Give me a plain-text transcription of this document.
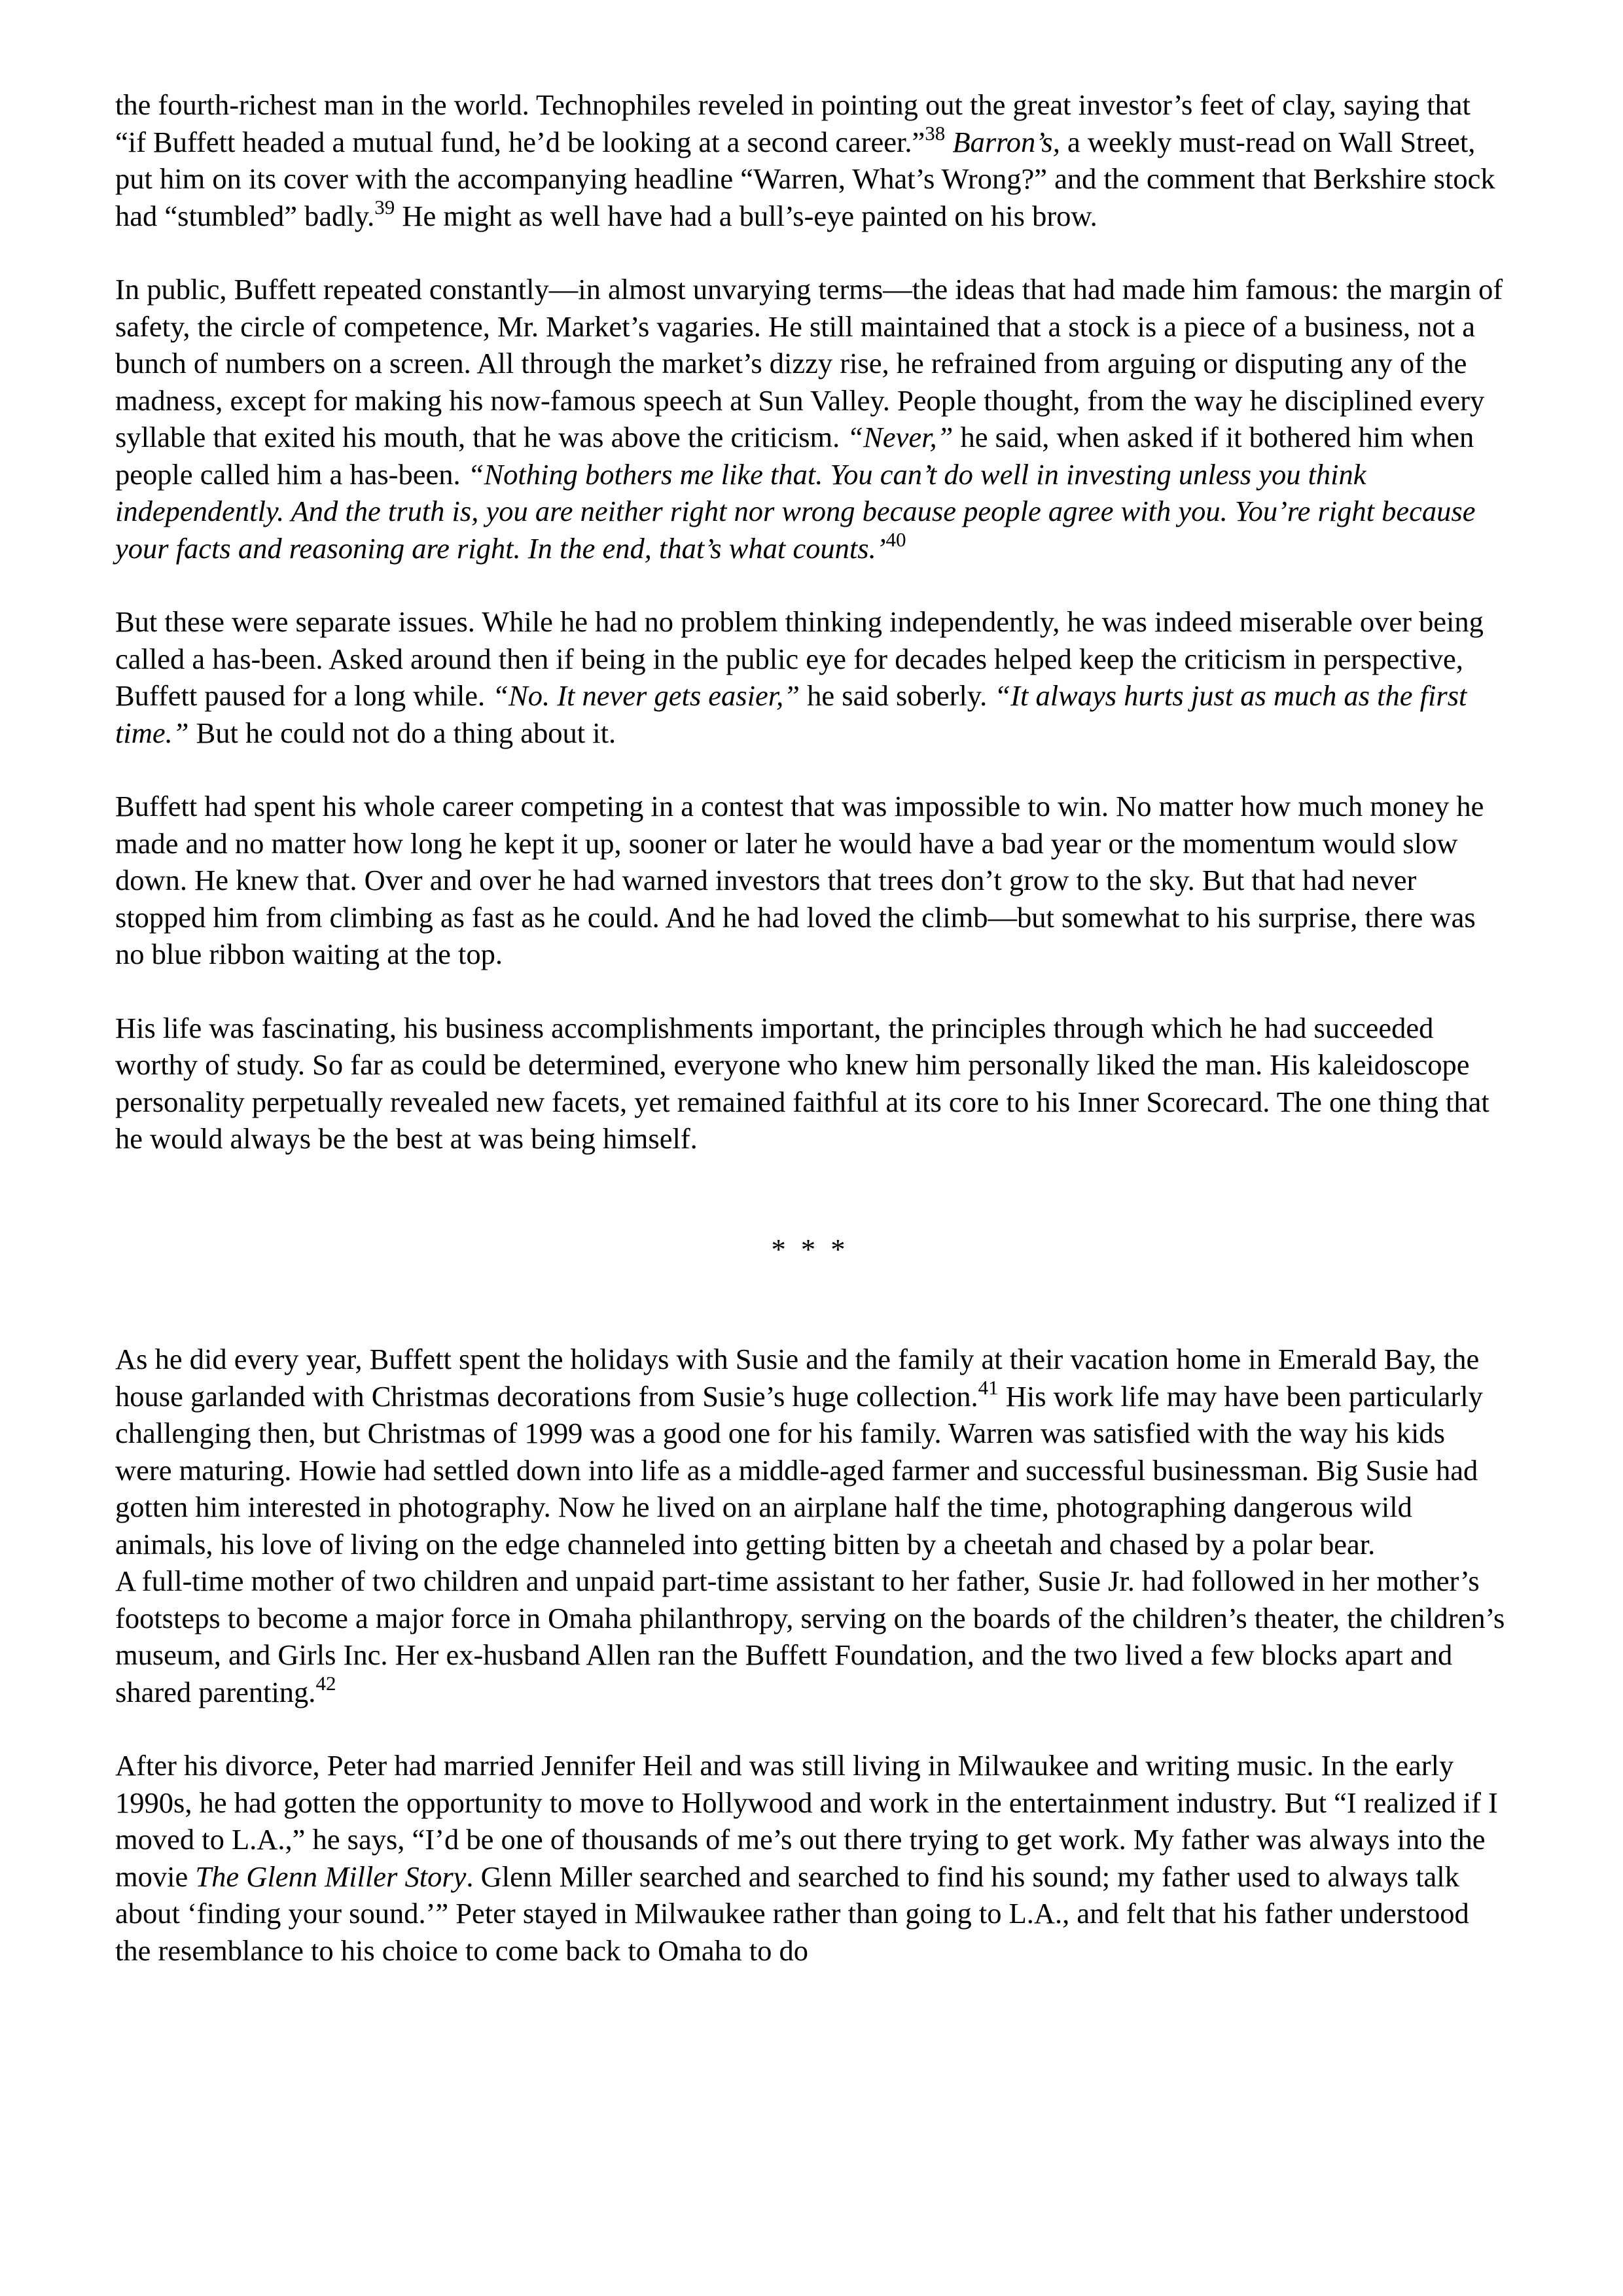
the fourth-richest man in the world. Technophiles reveled in pointing out the great investor’s feet of clay, saying that “if Buffett headed a mutual fund, he’d be looking at a second career.”$^{38}$ Barron’s, a weekly must-read on Wall Street, put him on its cover with the accompanying headline “Warren, What’s Wrong?” and the comment that Berkshire stock had “stumbled” badly.$^{39}$ He might as well have had a bull’s-eye painted on his brow.

In public, Buffett repeated constantly—in almost unvarying terms—the ideas that had made him famous: the margin of safety, the circle of competence, Mr. Market’s vagaries. He still maintained that a stock is a piece of a business, not a bunch of numbers on a screen. All through the market’s dizzy rise, he refrained from arguing or disputing any of the madness, except for making his now-famous speech at Sun Valley. People thought, from the way he disciplined every syllable that exited his mouth, that he was above the criticism. “Never,” he said, when asked if it bothered him when people called him a has-been. “Nothing bothers me like that. You can’t do well in investing unless you think independently. And the truth is, you are neither right nor wrong because people agree with you. You’re right because your facts and reasoning are right. In the end, that’s what counts.’$^{40}$

But these were separate issues. While he had no problem thinking independently, he was indeed miserable over being called a has-been. Asked around then if being in the public eye for decades helped keep the criticism in perspective, Buffett paused for a long while. “No. It never gets easier,” he said soberly. “It always hurts just as much as the first time.” But he could not do a thing about it.

Buffett had spent his whole career competing in a contest that was impossible to win. No matter how much money he made and no matter how long he kept it up, sooner or later he would have a bad year or the momentum would slow down. He knew that. Over and over he had warned investors that trees don’t grow to the sky. But that had never stopped him from climbing as fast as he could. And he had loved the climb—but somewhat to his surprise, there was no blue ribbon waiting at the top.

His life was fascinating, his business accomplishments important, the principles through which he had succeeded worthy of study. So far as could be determined, everyone who knew him personally liked the man. His kaleidoscope personality perpetually revealed new facets, yet remained faithful at its core to his Inner Scorecard. The one thing that he would always be the best at was being himself.

* * *

As he did every year, Buffett spent the holidays with Susie and the family at their vacation home in Emerald Bay, the house garlanded with Christmas decorations from Susie’s huge collection.$^{41}$ His work life may have been particularly challenging then, but Christmas of 1999 was a good one for his family. Warren was satisfied with the way his kids were maturing. Howie had settled down into life as a middle-aged farmer and successful businessman. Big Susie had gotten him interested in photography. Now he lived on an airplane half the time, photographing dangerous wild animals, his love of living on the edge channeled into getting bitten by a cheetah and chased by a polar bear.

A full-time mother of two children and unpaid part-time assistant to her father, Susie Jr. had followed in her mother’s footsteps to become a major force in Omaha philanthropy, serving on the boards of the children’s theater, the children’s museum, and Girls Inc. Her ex-husband Allen ran the Buffett Foundation, and the two lived a few blocks apart and shared parenting.$^{42}$

After his divorce, Peter had married Jennifer Heil and was still living in Milwaukee and writing music. In the early 1990s, he had gotten the opportunity to move to Hollywood and work in the entertainment industry. But “I realized if I moved to L.A.,” he says, “I’d be one of thousands of me’s out there trying to get work. My father was always into the movie The Glenn Miller Story. Glenn Miller searched and searched to find his sound; my father used to always talk about ‘finding your sound.’” Peter stayed in Milwaukee rather than going to L.A., and felt that his father understood the resemblance to his choice to come back to Omaha to do
